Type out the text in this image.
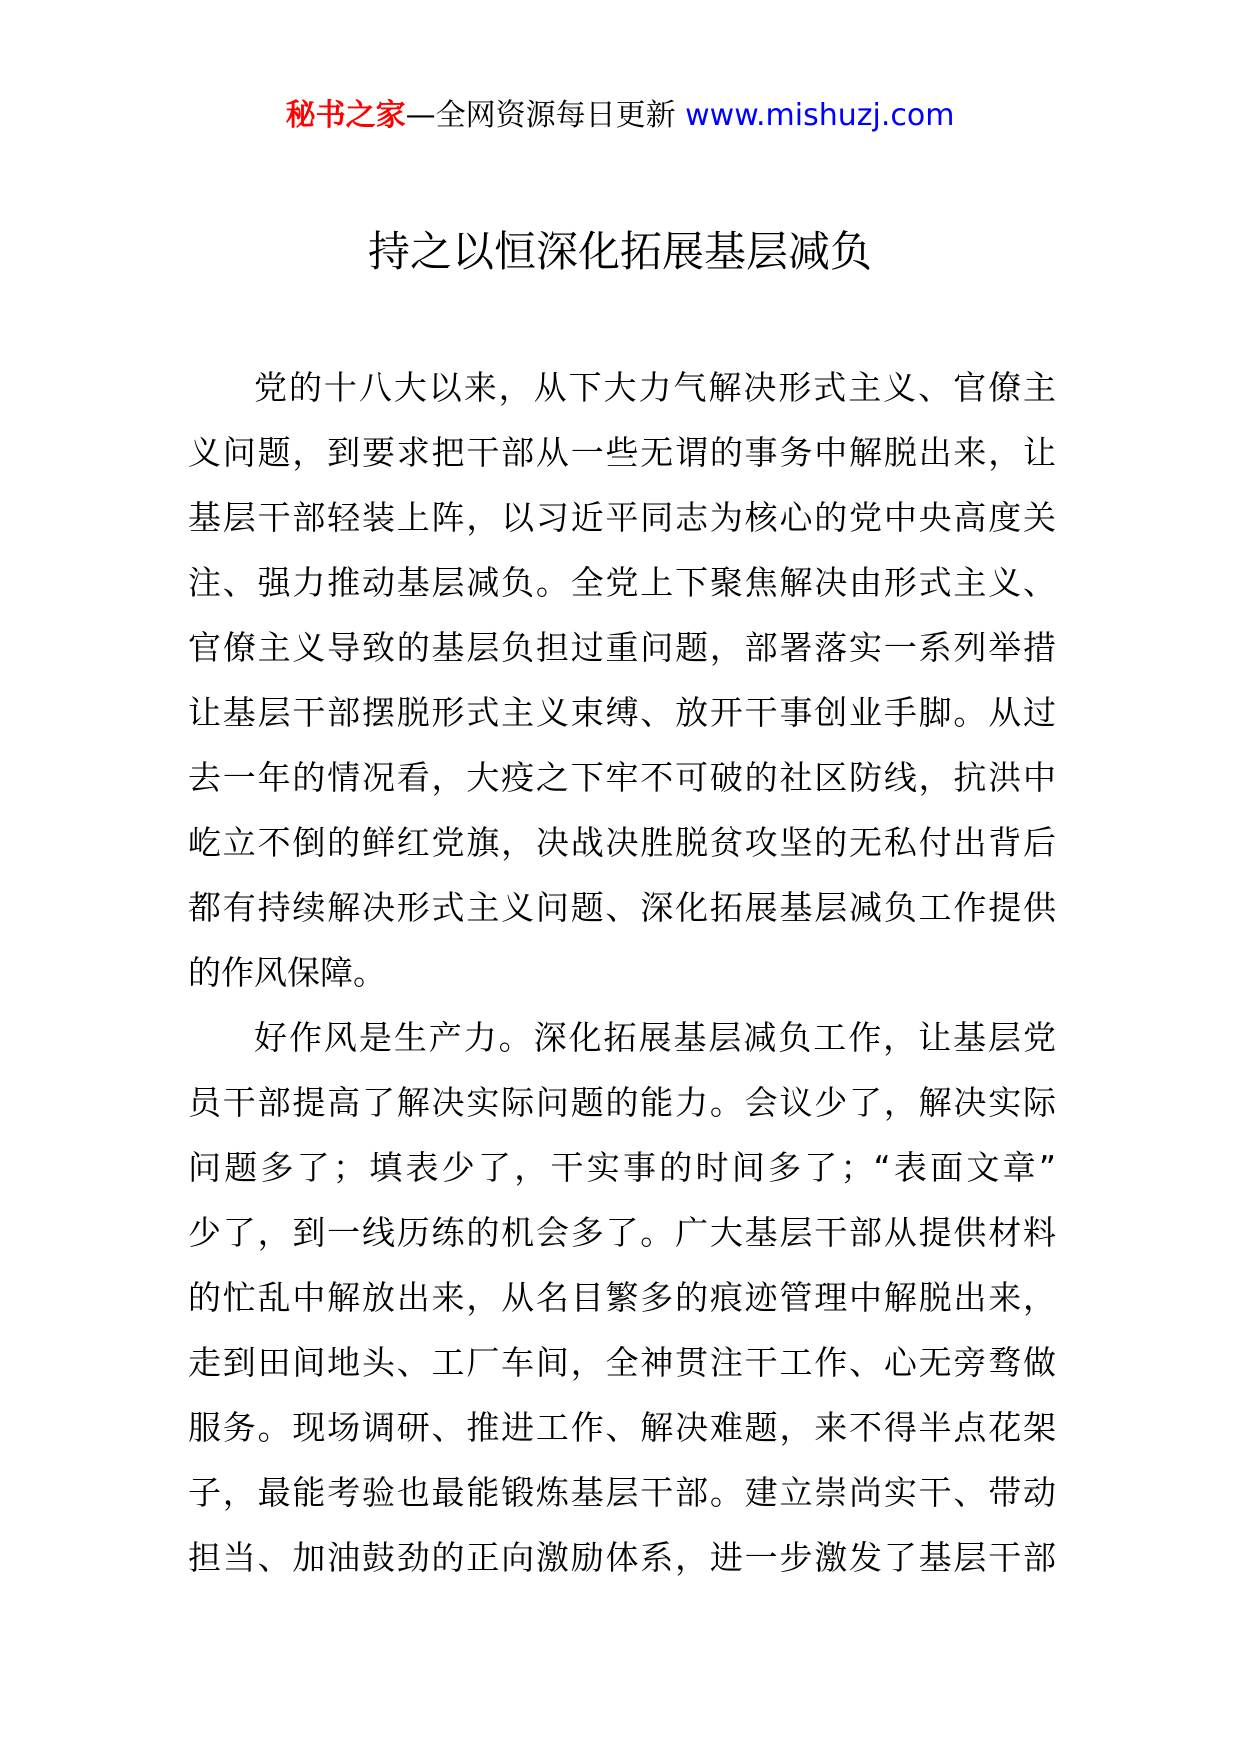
秘书之家—全网资源每日更新 www.mishuzj.com
持之以恒深化拓展基层减负
党的十八大以来，从下大力气解决形式主义、官僚主
义问题，到要求把干部从一些无谓的事务中解脱出来，让
基层干部轻装上阵，以习近平同志为核心的党中央高度关
注、强力推动基层减负。全党上下聚焦解决由形式主义、
官僚主义导致的基层负担过重问题，部署落实一系列举措
让基层干部摆脱形式主义束缚、放开干事创业手脚。从过
去一年的情况看，大疫之下牢不可破的社区防线，抗洪中
屹立不倒的鲜红党旗，决战决胜脱贫攻坚的无私付出背后
都有持续解决形式主义问题、深化拓展基层减负工作提供
的作风保障。
好作风是生产力。深化拓展基层减负工作，让基层党
员干部提高了解决实际问题的能力。会议少了，解决实际
问题多了；填表少了，干实事的时间多了；“表面文章”
少了，到一线历练的机会多了。广大基层干部从提供材料
的忙乱中解放出来，从名目繁多的痕迹管理中解脱出来，
走到田间地头、工厂车间，全神贯注干工作、心无旁骛做
服务。现场调研、推进工作、解决难题，来不得半点花架
子，最能考验也最能锻炼基层干部。建立崇尚实干、带动
担当、加油鼓劲的正向激励体系，进一步激发了基层干部
